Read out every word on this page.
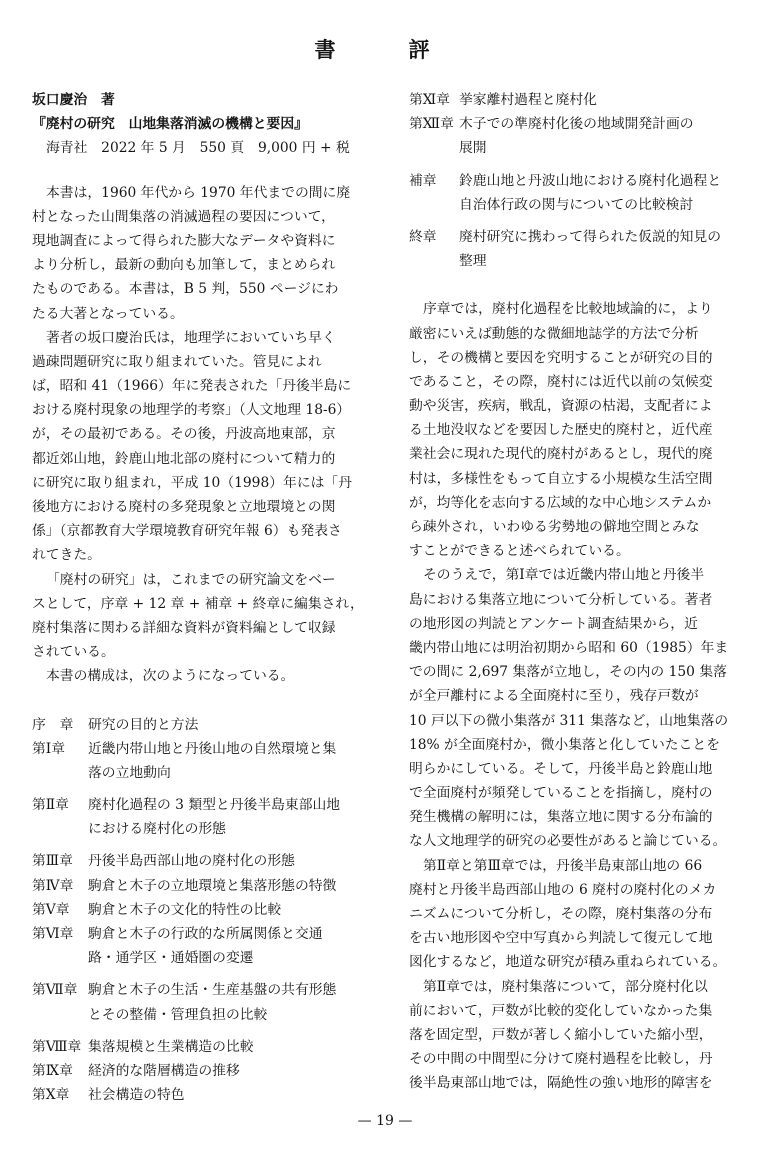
書　評
坂口慶治　著
『廃村の研究　山地集落消滅の機構と要因』
海青社　2022 年 5 月　550 頁　9,000 円 + 税
本書は，1960 年代から 1970 年代までの間に廃
村となった山間集落の消滅過程の要因について，
現地調査によって得られた膨大なデータや資料に
より分析し，最新の動向も加筆して，まとめられ
たものである。本書は，B 5 判，550 ページにわ
たる大著となっている。
著者の坂口慶治氏は，地理学においていち早く
過疎問題研究に取り組まれていた。管見によれ
ば，昭和 41（1966）年に発表された「丹後半島に
おける廃村現象の地理学的考察」（人文地理 18-6）
が，その最初である。その後，丹波高地東部，京
都近郊山地，鈴鹿山地北部の廃村について精力的
に研究に取り組まれ，平成 10（1998）年には「丹
後地方における廃村の多発現象と立地環境との関
係」（京都教育大学環境教育研究年報 6）も発表さ
れてきた。
「廃村の研究」は，これまでの研究論文をベー
スとして，序章 + 12 章 + 補章 + 終章に編集され，
廃村集落に関わる詳細な資料が資料編として収録
されている。
本書の構成は，次のようになっている。
序　章	研究の目的と方法
第Ⅰ章	近畿内帯山地と丹後山地の自然環境と集
落の立地動向
第Ⅱ章	廃村化過程の 3 類型と丹後半島東部山地
における廃村化の形態
第Ⅲ章	丹後半島西部山地の廃村化の形態
第Ⅳ章	駒倉と木子の立地環境と集落形態の特徴
第Ⅴ章	駒倉と木子の文化的特性の比較
第Ⅵ章	駒倉と木子の行政的な所属関係と交通
路・通学区・通婚圏の変遷
第Ⅶ章 駒倉と木子の生活・生産基盤の共有形態
とその整備・管理負担の比較
第Ⅷ章 集落規模と生業構造の比較
第Ⅸ章	経済的な階層構造の推移
第Ⅹ章	社会構造の特色
第Ⅺ章 挙家離村過程と廃村化
第Ⅻ章 木子での準廃村化後の地域開発計画の
展開
補章	鈴鹿山地と丹波山地における廃村化過程と
自治体行政の関与についての比較検討
終章	廃村研究に携わって得られた仮説的知見の
整理
序章では，廃村化過程を比較地域論的に，より
厳密にいえば動態的な微細地誌学的方法で分析
し，その機構と要因を究明することが研究の目的
であること，その際，廃村には近代以前の気候変
動や災害，疾病，戦乱，資源の枯渇，支配者によ
る土地没収などを要因した歴史的廃村と，近代産
業社会に現れた現代的廃村があるとし，現代的廃
村は，多様性をもって自立する小規模な生活空間
が，均等化を志向する広域的な中心地システムか
ら疎外され，いわゆる劣勢地の僻地空間とみな
すことができると述べられている。
そのうえで，第Ⅰ章では近畿内帯山地と丹後半
島における集落立地について分析している。著者
の地形図の判読とアンケート調査結果から，近
畿内帯山地には明治初期から昭和 60（1985）年ま
での間に 2,697 集落が立地し，その内の 150 集落
が全戸離村による全面廃村に至り，残存戸数が
10 戸以下の微小集落が 311 集落など，山地集落の
18% が全面廃村か，微小集落と化していたことを
明らかにしている。そして，丹後半島と鈴鹿山地
で全面廃村が頻発していることを指摘し，廃村の
発生機構の解明には，集落立地に関する分布論的
な人文地理学的研究の必要性があると論じている。
第Ⅱ章と第Ⅲ章では，丹後半島東部山地の 66
廃村と丹後半島西部山地の 6 廃村の廃村化のメカ
ニズムについて分析し，その際，廃村集落の分布
を古い地形図や空中写真から判読して復元して地
図化するなど，地道な研究が積み重ねられている。
第Ⅱ章では，廃村集落について，部分廃村化以
前において，戸数が比較的変化していなかった集
落を固定型，戸数が著しく縮小していた縮小型，
その中間の中間型に分けて廃村過程を比較し，丹
後半島東部山地では，隔絶性の強い地形的障害を
— 19 —
